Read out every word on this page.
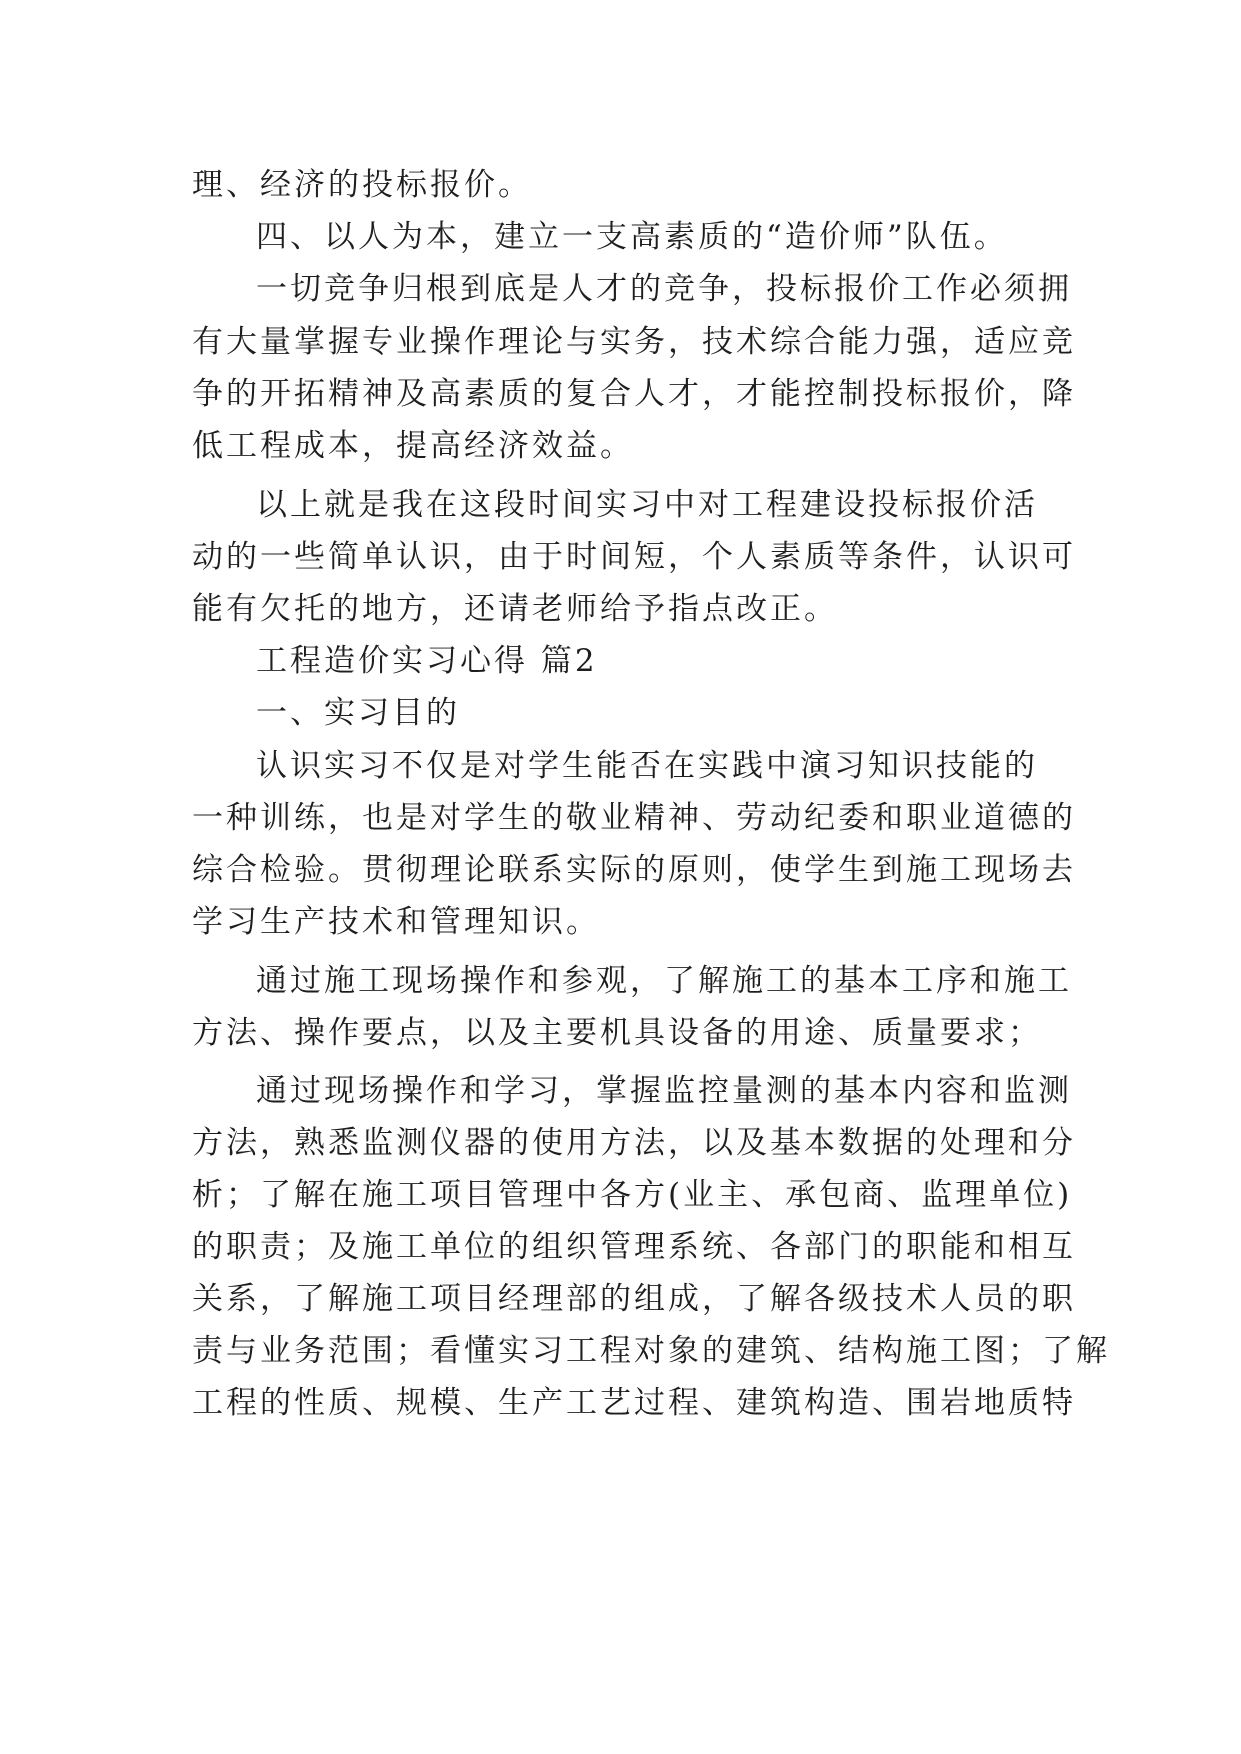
理、经济的投标报价。
四、以人为本，建立一支高素质的“造价师”队伍。
一切竞争归根到底是人才的竞争，投标报价工作必须拥
有大量掌握专业操作理论与实务，技术综合能力强，适应竞
争的开拓精神及高素质的复合人才，才能控制投标报价，降
低工程成本，提高经济效益。
以上就是我在这段时间实习中对工程建设投标报价活
动的一些简单认识，由于时间短，个人素质等条件，认识可
能有欠托的地方，还请老师给予指点改正。
工程造价实习心得 篇2
一、实习目的
认识实习不仅是对学生能否在实践中演习知识技能的
一种训练，也是对学生的敬业精神、劳动纪委和职业道德的
综合检验。贯彻理论联系实际的原则，使学生到施工现场去
学习生产技术和管理知识。
通过施工现场操作和参观，了解施工的基本工序和施工
方法、操作要点，以及主要机具设备的用途、质量要求；
通过现场操作和学习，掌握监控量测的基本内容和监测
方法，熟悉监测仪器的使用方法，以及基本数据的处理和分
析；了解在施工项目管理中各方(业主、承包商、监理单位)
的职责；及施工单位的组织管理系统、各部门的职能和相互
关系，了解施工项目经理部的组成，了解各级技术人员的职
责与业务范围；看懂实习工程对象的建筑、结构施工图；了解
工程的性质、规模、生产工艺过程、建筑构造、围岩地质特
